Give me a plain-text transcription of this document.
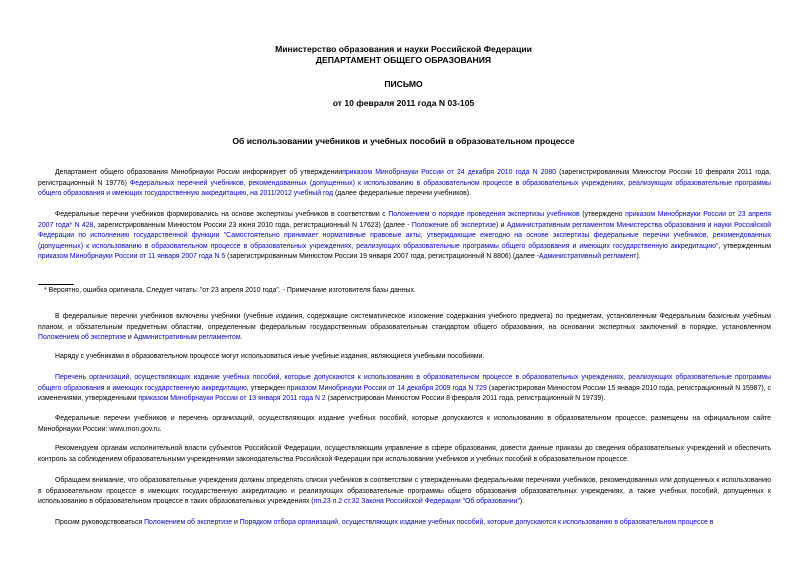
Министерство образования и науки Российской Федерации
ДЕПАРТАМЕНТ ОБЩЕГО ОБРАЗОВАНИЯ
ПИСЬМО
от 10 февраля 2011 года N 03-105
Об использовании учебников и учебных пособий в образовательном процессе

Департамент общего образования Минобрнауки России информирует об утвержденииприказом Минобрнауки России от 24 декабря 2010 года N 2080 (зарегистрированным Минюстом России 10 февраля 2011 года, регистрационный N 19776) Федеральных перечней учебников, рекомендованных (допущенных) к использованию в образовательном процессе в образовательных учреждениях, реализующих образовательные программы общего образования и имеющих государственную аккредитацию, на 2011/2012 учебный год (далее федеральные перечни учебников).

Федеральные перечни учебников формировались на основе экспертизы учебников в соответствии с Положением о порядке проведения экспертизы учебников (утверждено приказом Минобрнауки России от 23 апреля 2007 года* N 428, зарегистрированным Минюстом России 23 июня 2010 года, регистрационный N 17623) (далее - Положение об экспертизе) и Административным регламентом Министерства образования и науки Российской Федерации по исполнению государственной функции "Самостоятельно принимает нормативные правовые акты, утверждающие ежегодно на основе экспертизы федеральные перечни учебников, рекомендованных (допущенных) к использованию в образовательном процессе в образовательных учреждениях, реализующих образовательные программы общего образования и имеющих государственную аккредитацию", утвержденным приказом Минобрнауки России от 11 января 2007 года N 5 (зарегистрированным Минюстом России 19 января 2007 года, регистрационный N 8806) (далее -Административный регламент).

* Вероятно, ошибка оригинала. Следует читать: "от 23 апреля 2010 года". - Примечание изготовителя базы данных.

В федеральные перечни учебников включены учебники (учебные издания, содержащие систематическое изложение содержания учебного предмета) по предметам, установленным Федеральным базисным учебным планом, и обязательным предметным областям, определенным федеральным государственным образовательным стандартом общего образования, на основании экспертных заключений в порядке, установленном Положением об экспертизе и Административным регламентом.

Наряду с учебниками в образовательном процессе могут использоваться иные учебные издания, являющиеся учебными пособиями.

Перечень организаций, осуществляющих издание учебных пособий, которые допускаются к использованию в образовательном процессе в образовательных учреждениях, реализующих образовательные программы общего образования и имеющих государственную аккредитацию, утвержден приказом Минобрнауки России от 14 декабря 2009 года N 729 (зарегистрирован Минюстом России 15 января 2010 года, регистрационный N 15987), с изменениями, утвержденными приказом Минобрнауки России от 13 января 2011 года N 2 (зарегистрирован Минюстом России 8 февраля 2011 года, регистрационный N 19739).

Федеральные перечни учебников и перечень организаций, осуществляющих издание учебных пособий, которые допускаются к использованию в образовательном процессе, размещены на официальном сайте Минобрнауки России: www.mon.gov.ru.

Рекомендуем органам исполнительной власти субъектов Российской Федерации, осуществляющим управление в сфере образования, довести данные приказы до сведения образовательных учреждений и обеспечить контроль за соблюдением образовательными учреждениями законодательства Российской Федерации при использовании учебников и учебных пособий в образовательном процессе.

Обращаем внимание, что образовательные учреждения должны определять списки учебников в соответствии с утвержденными федеральными перечнями учебников, рекомендованных или допущенных к использованию в образовательном процессе в имеющих государственную аккредитацию и реализующих образовательные программы общего образования образовательных учреждениях, а также учебных пособий, допущенных к использованию в образовательном процессе в таких образовательных учреждениях (пп.23 п.2 ст.32 Закона Российской Федерации "Об образовании").

Просим руководствоваться Положением об экспертизе и Порядком отбора организаций, осуществляющих издание учебных пособий, которые допускаются к использованию в образовательном процессе в
